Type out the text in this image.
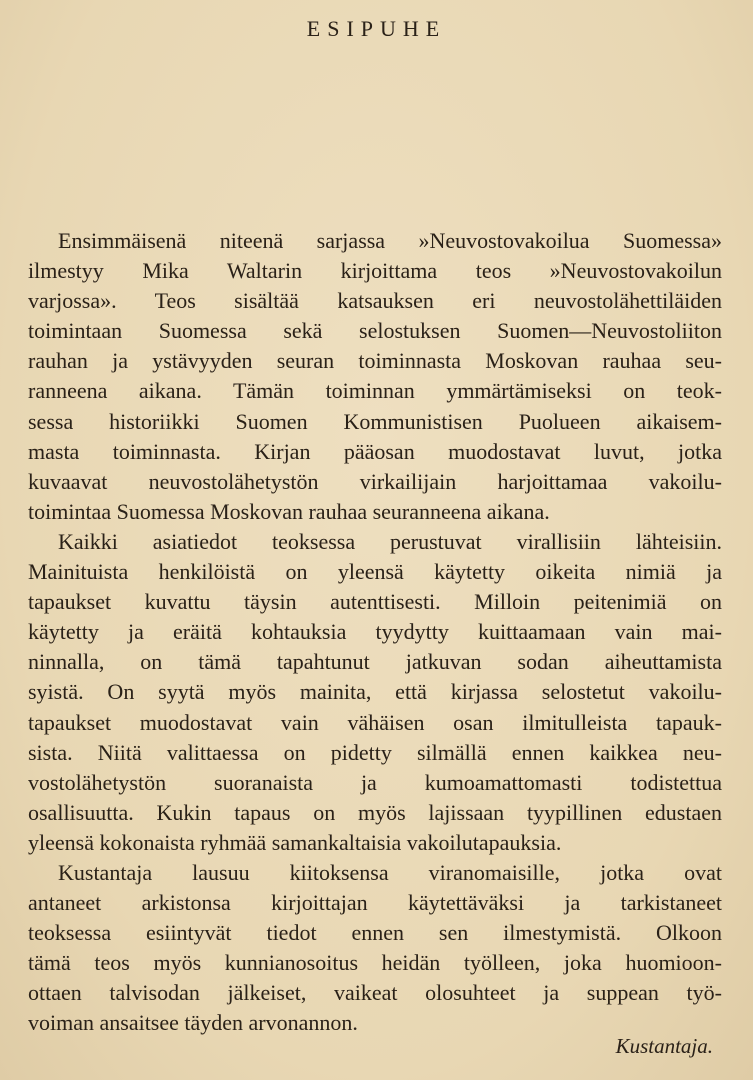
ESIPUHE
Ensimmäisenä niteenä sarjassa »Neuvostovakoilua Suomessa»
ilmestyy Mika Waltarin kirjoittama teos »Neuvostovakoilun
varjossa». Teos sisältää katsauksen eri neuvostolähettiläiden
toimintaan Suomessa sekä selostuksen Suomen—Neuvostoliiton
rauhan ja ystävyyden seuran toiminnasta Moskovan rauhaa seu-
ranneena aikana. Tämän toiminnan ymmärtämiseksi on teok-
sessa historiikki Suomen Kommunistisen Puolueen aikaisem-
masta toiminnasta. Kirjan pääosan muodostavat luvut, jotka
kuvaavat neuvostolähetystön virkailijain harjoittamaa vakoilu-
toimintaa Suomessa Moskovan rauhaa seuranneena aikana.
Kaikki asiatiedot teoksessa perustuvat virallisiin lähteisiin.
Mainituista henkilöistä on yleensä käytetty oikeita nimiä ja
tapaukset kuvattu täysin autenttisesti. Milloin peitenimiä on
käytetty ja eräitä kohtauksia tyydytty kuittaamaan vain mai-
ninnalla, on tämä tapahtunut jatkuvan sodan aiheuttamista
syistä. On syytä myös mainita, että kirjassa selostetut vakoilu-
tapaukset muodostavat vain vähäisen osan ilmitulleista tapauk-
sista. Niitä valittaessa on pidetty silmällä ennen kaikkea neu-
vostolähetystön suoranaista ja kumoamattomasti todistettua
osallisuutta. Kukin tapaus on myös lajissaan tyypillinen edustaen
yleensä kokonaista ryhmää samankaltaisia vakoilutapauksia.
Kustantaja lausuu kiitoksensa viranomaisille, jotka ovat
antaneet arkistonsa kirjoittajan käytettäväksi ja tarkistaneet
teoksessa esiintyvät tiedot ennen sen ilmestymistä. Olkoon
tämä teos myös kunnianosoitus heidän työlleen, joka huomioon-
ottaen talvisodan jälkeiset, vaikeat olosuhteet ja suppean työ-
voiman ansaitsee täyden arvonannon.
Kustantaja.
